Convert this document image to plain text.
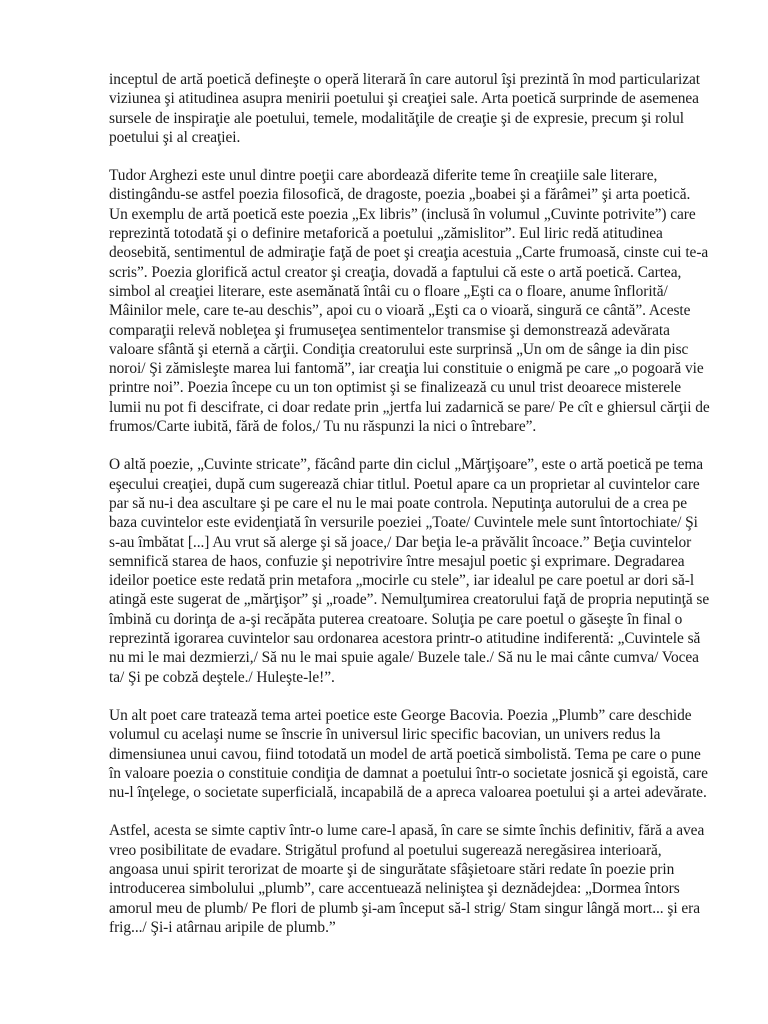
inceptul de artă poetică defineşte o operă literară în care autorul îşi prezintă în mod particularizat viziunea şi atitudinea asupra menirii poetului şi creaţiei sale. Arta poetică surprinde de asemenea sursele de inspiraţie ale poetului, temele, modalităţile de creaţie şi de expresie, precum şi rolul poetului şi al creaţiei.

Tudor Arghezi este unul dintre poeţii care abordează diferite teme în creaţiile sale literare, distingându-se astfel poezia filosofică, de dragoste, poezia „boabei şi a fărâmei” şi arta poetică. Un exemplu de artă poetică este poezia „Ex libris” (inclusă în volumul „Cuvinte potrivite”) care reprezintă totodată şi o definire metaforică a poetului „zămislitor”. Eul liric redă atitudinea deosebită, sentimentul de admiraţie faţă de poet şi creaţia acestuia „Carte frumoasă, cinste cui te-a scris”. Poezia glorifică actul creator şi creaţia, dovadă a faptului că este o artă poetică. Cartea, simbol al creaţiei literare, este asemănată întâi cu o floare „Eşti ca o floare, anume înflorită/ Mâinilor mele, care te-au deschis”, apoi cu o vioară „Eşti ca o vioară, singură ce cântă”. Aceste comparaţii relevă nobleţea şi frumuseţea sentimentelor transmise şi demonstrează adevărata valoare sfântă şi eternă a cărţii. Condiţia creatorului este surprinsă „Un om de sânge ia din pisc noroi/ Şi zămisleşte marea lui fantomă”, iar creaţia lui constituie o enigmă pe care „o pogoară vie printre noi”. Poezia începe cu un ton optimist şi se finalizează cu unul trist deoarece misterele lumii nu pot fi descifrate, ci doar redate prin „jertfa lui zadarnică se pare/ Pe cît e ghiersul cărţii de frumos/Carte iubită, fără de folos,/ Tu nu răspunzi la nici o întrebare”.

O altă poezie, „Cuvinte stricate”, făcând parte din ciclul „Mărţişoare”, este o artă poetică pe tema eşecului creaţiei, după cum sugerează chiar titlul. Poetul apare ca un proprietar al cuvintelor care par să nu-i dea ascultare şi pe care el nu le mai poate controla. Neputinţa autorului de a crea pe baza cuvintelor este evidenţiată în versurile poeziei „Toate/ Cuvintele mele sunt întortochiate/ Şi s-au îmbătat [...] Au vrut să alerge şi să joace,/ Dar beţia le-a prăvălit încoace.” Beţia cuvintelor semnifică starea de haos, confuzie şi nepotrivire între mesajul poetic şi exprimare. Degradarea ideilor poetice este redată prin metafora „mocirle cu stele”, iar idealul pe care poetul ar dori să-l atingă este sugerat de „mărţişor” şi „roade”. Nemulţumirea creatorului faţă de propria neputinţă se îmbină cu dorinţa de a-şi recăpăta puterea creatoare. Soluţia pe care poetul o găseşte în final o reprezintă igorarea cuvintelor sau ordonarea acestora printr-o atitudine indiferentă: „Cuvintele să nu mi le mai dezmierzi,/ Să nu le mai spuie agale/ Buzele tale./ Să nu le mai cânte cumva/ Vocea ta/ Şi pe cobză deştele./ Huleşte-le!”.

Un alt poet care tratează tema artei poetice este George Bacovia. Poezia „Plumb” care deschide volumul cu acelaşi nume se înscrie în universul liric specific bacovian, un univers redus la dimensiunea unui cavou, fiind totodată un model de artă poetică simbolistă. Tema pe care o pune în valoare poezia o constituie condiţia de damnat a poetului într-o societate josnică şi egoistă, care nu-l înţelege, o societate superficială, incapabilă de a apreca valoarea poetului şi a artei adevărate.

Astfel, acesta se simte captiv într-o lume care-l apasă, în care se simte închis definitiv, fără a avea vreo posibilitate de evadare. Strigătul profund al poetului sugerează neregăsirea interioară, angoasa unui spirit terorizat de moarte şi de singurătate sfâşietoare stări redate în poezie prin introducerea simbolului „plumb”, care accentuează neliniştea şi deznădejdea: „Dormea întors amorul meu de plumb/ Pe flori de plumb şi-am început să-l strig/ Stam singur lângă mort... şi era frig.../ Şi-i atârnau aripile de plumb.”
